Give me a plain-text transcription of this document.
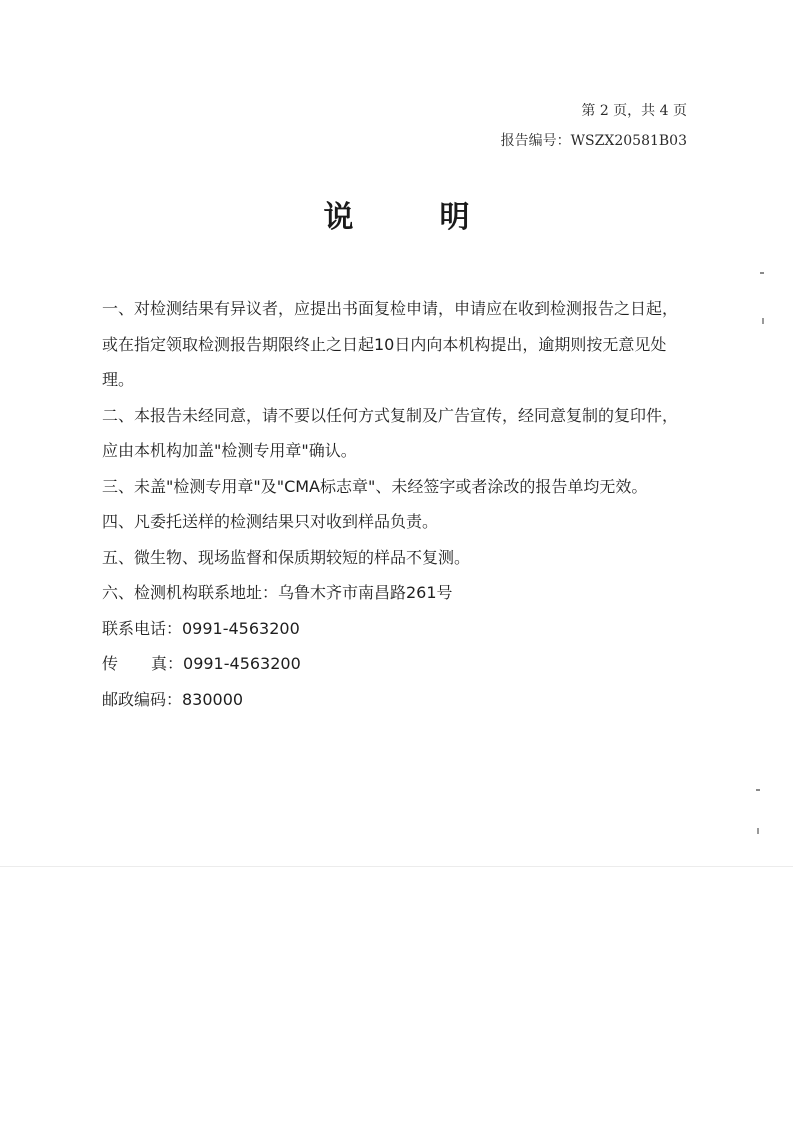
第 2 页，共 4 页
报告编号：WSZX20581B03
说	明

一、对检测结果有异议者，应提出书面复检申请，申请应在收到检测报告之日起，或在指定领取检测报告期限终止之日起10日内向本机构提出，逾期则按无意见处理。

二、本报告未经同意，请不要以任何方式复制及广告宣传，经同意复制的复印件，应由本机构加盖"检测专用章"确认。

三、未盖"检测专用章"及"CMA标志章"、未经签字或者涂改的报告单均无效。

四、凡委托送样的检测结果只对收到样品负责。

五、微生物、现场监督和保质期较短的样品不复测。

六、检测机构联系地址：乌鲁木齐市南昌路261号

联系电话：0991-4563200

传 真：0991-4563200

邮政编码：830000
